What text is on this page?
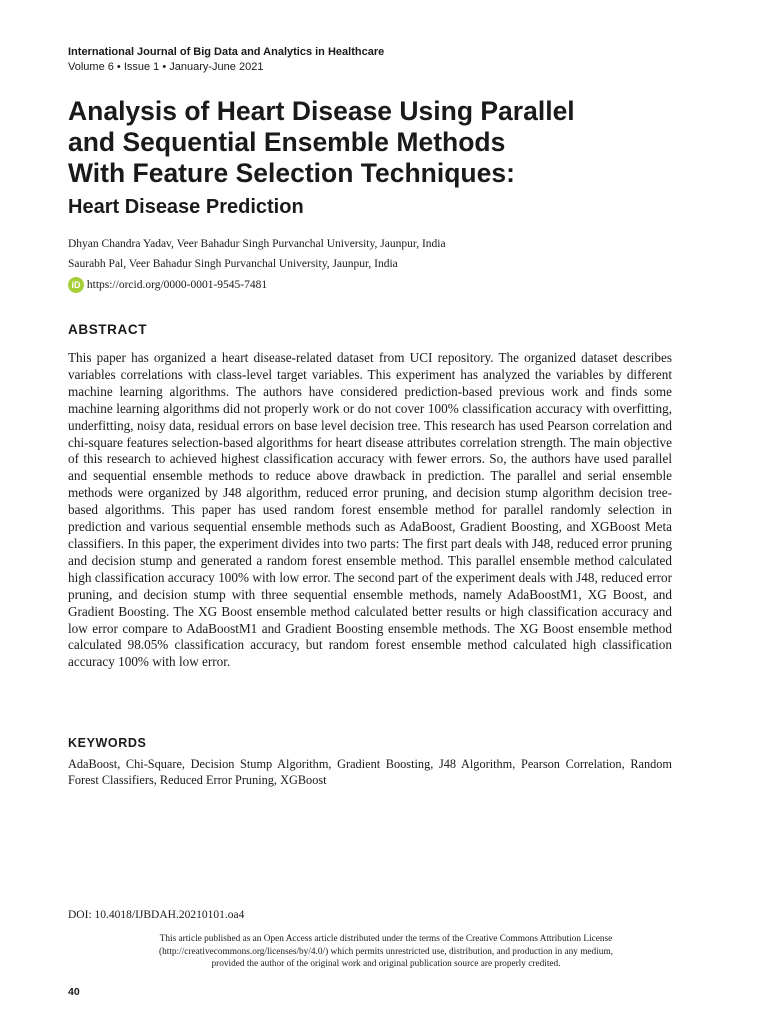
International Journal of Big Data and Analytics in Healthcare
Volume 6 • Issue 1 • January-June 2021
Analysis of Heart Disease Using Parallel
and Sequential Ensemble Methods
With Feature Selection Techniques:
Heart Disease Prediction
Dhyan Chandra Yadav, Veer Bahadur Singh Purvanchal University, Jaunpur, India
Saurabh Pal, Veer Bahadur Singh Purvanchal University, Jaunpur, India
iD https://orcid.org/0000-0001-9545-7481
ABSTRACT

This paper has organized a heart disease-related dataset from UCI repository. The organized dataset describes variables correlations with class-level target variables. This experiment has analyzed the variables by different machine learning algorithms. The authors have considered prediction-based previous work and finds some machine learning algorithms did not properly work or do not cover 100% classification accuracy with overfitting, underfitting, noisy data, residual errors on base level decision tree. This research has used Pearson correlation and chi-square features selection-based algorithms for heart disease attributes correlation strength. The main objective of this research to achieved highest classification accuracy with fewer errors. So, the authors have used parallel and sequential ensemble methods to reduce above drawback in prediction. The parallel and serial ensemble methods were organized by J48 algorithm, reduced error pruning, and decision stump algorithm decision tree-based algorithms. This paper has used random forest ensemble method for parallel randomly selection in prediction and various sequential ensemble methods such as AdaBoost, Gradient Boosting, and XGBoost Meta classifiers. In this paper, the experiment divides into two parts: The first part deals with J48, reduced error pruning and decision stump and generated a random forest ensemble method. This parallel ensemble method calculated high classification accuracy 100% with low error. The second part of the experiment deals with J48, reduced error pruning, and decision stump with three sequential ensemble methods, namely AdaBoostM1, XG Boost, and Gradient Boosting. The XG Boost ensemble method calculated better results or high classification accuracy and low error compare to AdaBoostM1 and Gradient Boosting ensemble methods. The XG Boost ensemble method calculated 98.05% classification accuracy, but random forest ensemble method calculated high classification accuracy 100% with low error.

KEYWORDS

AdaBoost, Chi-Square, Decision Stump Algorithm, Gradient Boosting, J48 Algorithm, Pearson Correlation, Random Forest Classifiers, Reduced Error Pruning, XGBoost

DOI: 10.4018/IJBDAH.20210101.oa4
This article published as an Open Access article distributed under the terms of the Creative Commons Attribution License
(http://creativecommons.org/licenses/by/4.0/) which permits unrestricted use, distribution, and production in any medium,
provided the author of the original work and original publication source are properly credited.
40
